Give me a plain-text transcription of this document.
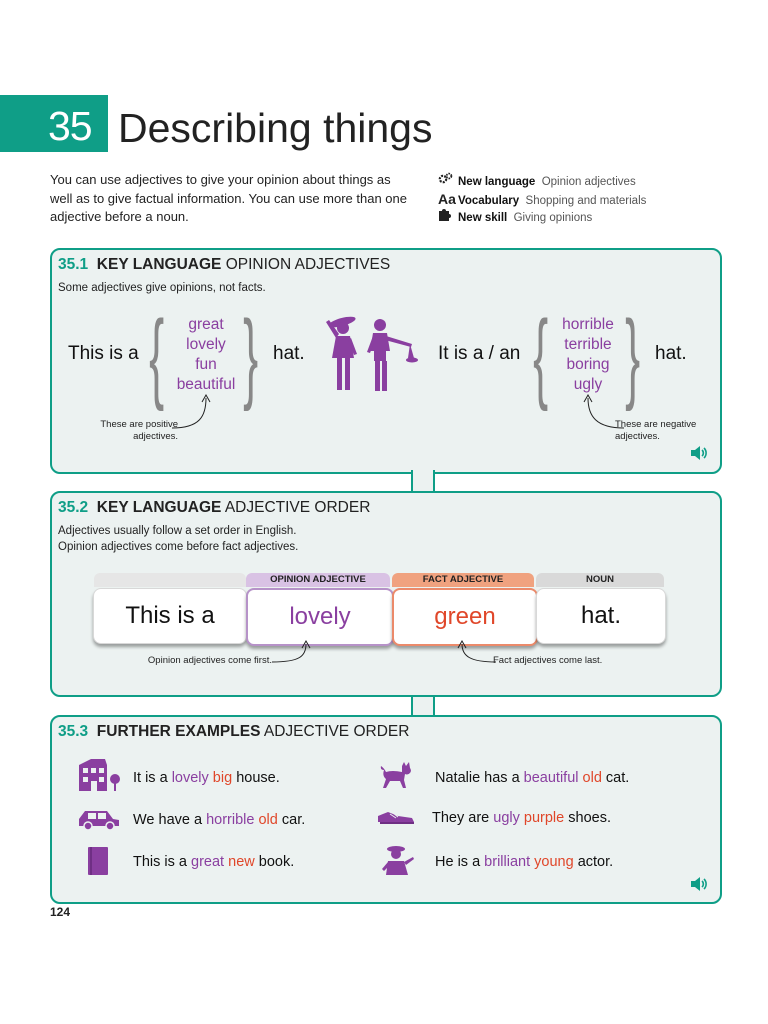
35 Describing things
You can use adjectives to give your opinion about things as well as to give factual information. You can use more than one adjective before a noun.
New language Opinion adjectives
Aa Vocabulary Shopping and materials
New skill Giving opinions
35.1 KEY LANGUAGE OPINION ADJECTIVES
Some adjectives give opinions, not facts.
This is a {	great
lovely
fun
beautiful } hat.	It is a / an { horrible
terrible
boring
ugly } hat.
These are positive adjectives.
These are negative adjectives.
35.2 KEY LANGUAGE ADJECTIVE ORDER
Adjectives usually follow a set order in English.
Opinion adjectives come before fact adjectives.
This is a
OPINION ADJECTIVE
lovely
FACT ADJECTIVE
green
NOUN
hat.
Opinion adjectives come first.	Fact adjectives come last.
35.3 FURTHER EXAMPLES ADJECTIVE ORDER
It is a lovely big house.
We have a horrible old car.
This is a great new book.
Natalie has a beautiful old cat.
They are ugly purple shoes.
He is a brilliant young actor.
124
